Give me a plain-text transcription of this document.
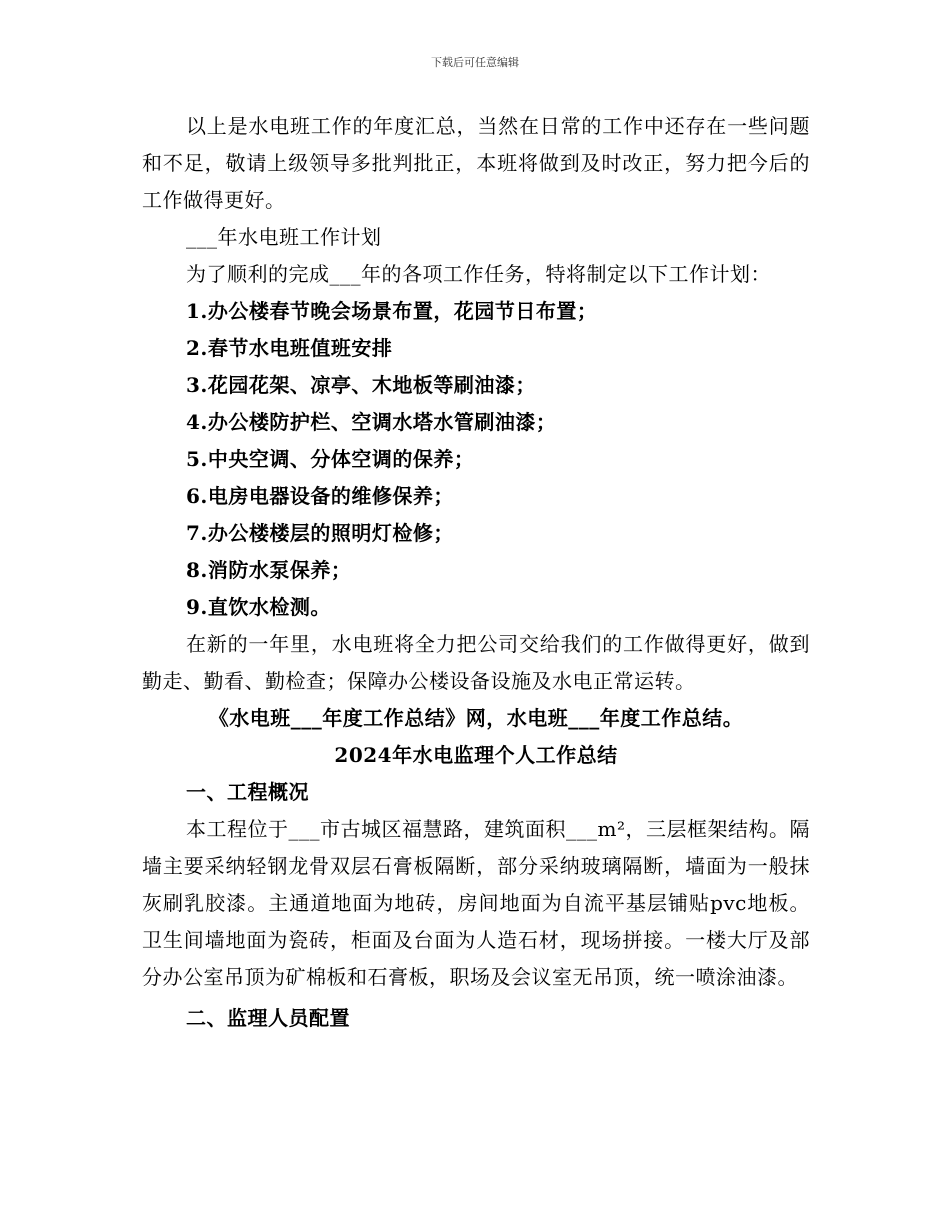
下载后可任意编辑

以上是水电班工作的年度汇总，当然在日常的工作中还存在一些问题和不足，敬请上级领导多批判批正，本班将做到及时改正，努力把今后的工作做得更好。

___年水电班工作计划

为了顺利的完成___年的各项工作任务，特将制定以下工作计划：

1.办公楼春节晚会场景布置，花园节日布置；
2.春节水电班值班安排
3.花园花架、凉亭、木地板等刷油漆；
4.办公楼防护栏、空调水塔水管刷油漆；
5.中央空调、分体空调的保养；
6.电房电器设备的维修保养；
7.办公楼楼层的照明灯检修；
8.消防水泵保养；
9.直饮水检测。

在新的一年里，水电班将全力把公司交给我们的工作做得更好，做到勤走、勤看、勤检查；保障办公楼设备设施及水电正常运转。

《水电班___年度工作总结》网，水电班___年度工作总结。

2024年水电监理个人工作总结

一、工程概况

本工程位于___市古城区福慧路，建筑面积___m²，三层框架结构。隔墙主要采纳轻钢龙骨双层石膏板隔断，部分采纳玻璃隔断，墙面为一般抹灰刷乳胶漆。主通道地面为地砖，房间地面为自流平基层铺贴pvc地板。卫生间墙地面为瓷砖，柜面及台面为人造石材，现场拼接。一楼大厅及部分办公室吊顶为矿棉板和石膏板，职场及会议室无吊顶，统一喷涂油漆。

二、监理人员配置
